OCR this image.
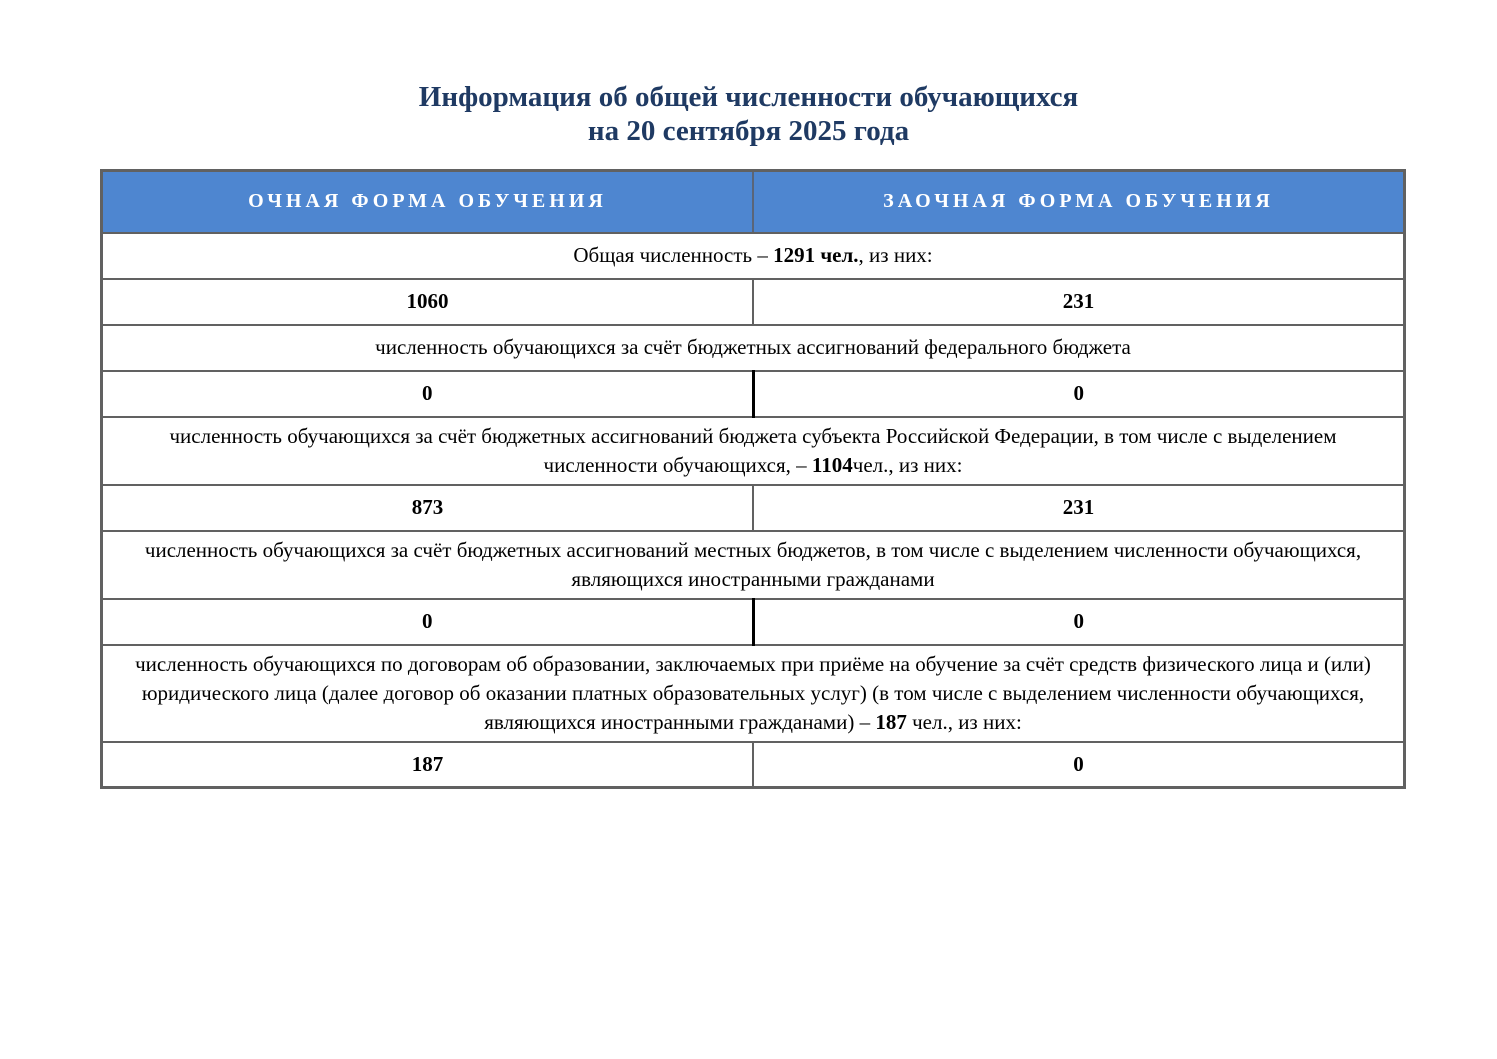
Информация об общей численности обучающихся
на 20 сентября 2025 года
ОЧНАЯ ФОРМА ОБУЧЕНИЯ	ЗАОЧНАЯ ФОРМА ОБУЧЕНИЯ
Общая численность – 1291 чел., из них:	
1060	231
численность обучающихся за счёт бюджетных ассигнований федерального бюджета	
0	0
численность обучающихся за счёт бюджетных ассигнований бюджета субъекта Российской Федерации, в том числе с выделением численности обучающихся, – 1104чел., из них:	
873	231
численность обучающихся за счёт бюджетных ассигнований местных бюджетов, в том числе с выделением численности обучающихся, являющихся иностранными гражданами	
0	0
численность обучающихся по договорам об образовании, заключаемых при приёме на обучение за счёт средств физического лица и (или) юридического лица (далее договор об оказании платных образовательных услуг) (в том числе с выделением численности обучающихся, являющихся иностранными гражданами) – 187 чел., из них:	
187	0
